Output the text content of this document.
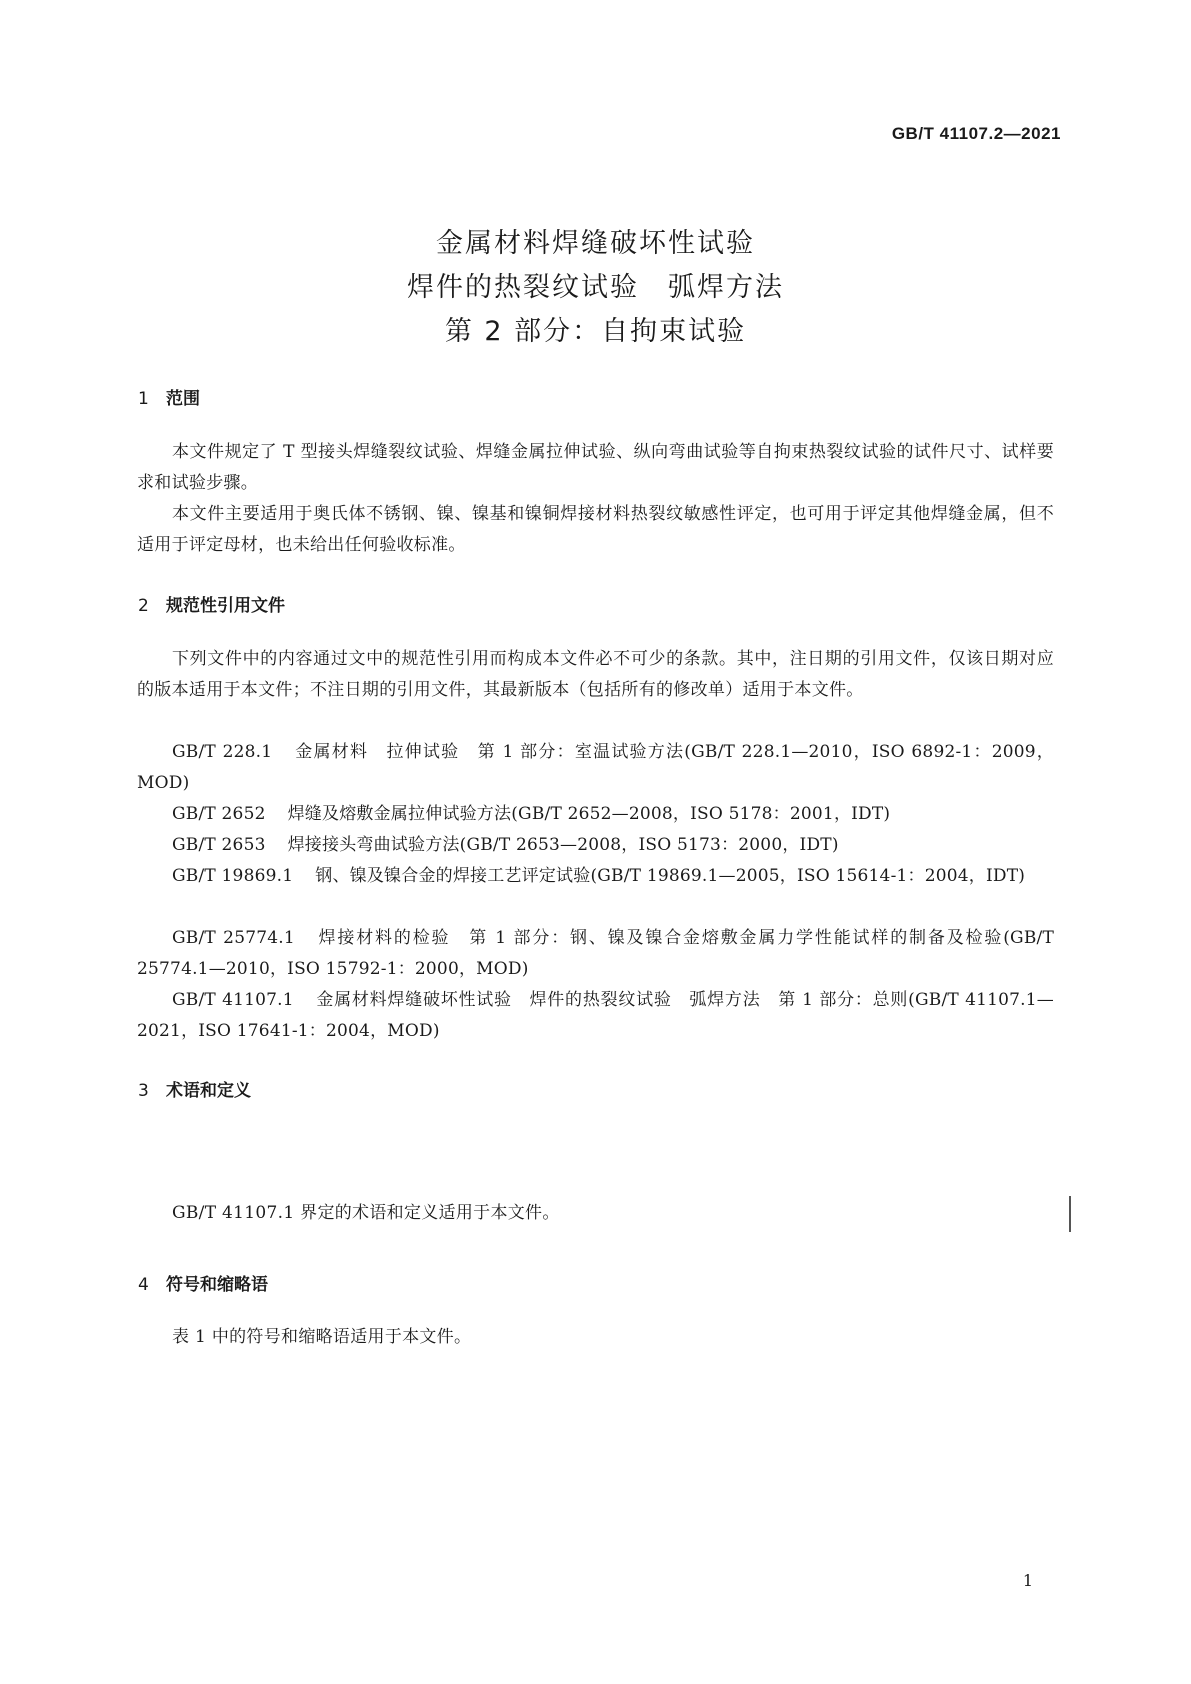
GB/T 41107.2—2021
金属材料焊缝破坏性试验
焊件的热裂纹试验　弧焊方法
第 2 部分：自拘束试验
1 范围
本文件规定了 T 型接头焊缝裂纹试验、焊缝金属拉伸试验、纵向弯曲试验等自拘束热裂纹试验的试件尺寸、试样要求和试验步骤。
本文件主要适用于奥氏体不锈钢、镍、镍基和镍铜焊接材料热裂纹敏感性评定，也可用于评定其他焊缝金属，但不适用于评定母材，也未给出任何验收标准。
2 规范性引用文件
下列文件中的内容通过文中的规范性引用而构成本文件必不可少的条款。其中，注日期的引用文件，仅该日期对应的版本适用于本文件；不注日期的引用文件，其最新版本（包括所有的修改单）适用于本文件。
GB/T 228.1 金属材料　拉伸试验　第 1 部分：室温试验方法(GB/T 228.1—2010，ISO 6892-1：2009，MOD)
GB/T 2652 焊缝及熔敷金属拉伸试验方法(GB/T 2652—2008，ISO 5178：2001，IDT)
GB/T 2653 焊接接头弯曲试验方法(GB/T 2653—2008，ISO 5173：2000，IDT)
GB/T 19869.1 钢、镍及镍合金的焊接工艺评定试验(GB/T 19869.1—2005，ISO 15614-1：2004，IDT)
GB/T 25774.1 焊接材料的检验　第 1 部分：钢、镍及镍合金熔敷金属力学性能试样的制备及检验(GB/T 25774.1—2010，ISO 15792-1：2000，MOD)
GB/T 41107.1 金属材料焊缝破坏性试验　焊件的热裂纹试验　弧焊方法　第 1 部分：总则(GB/T 41107.1—2021，ISO 17641-1：2004，MOD)
3 术语和定义
GB/T 41107.1 界定的术语和定义适用于本文件。
4 符号和缩略语
表 1 中的符号和缩略语适用于本文件。
1
